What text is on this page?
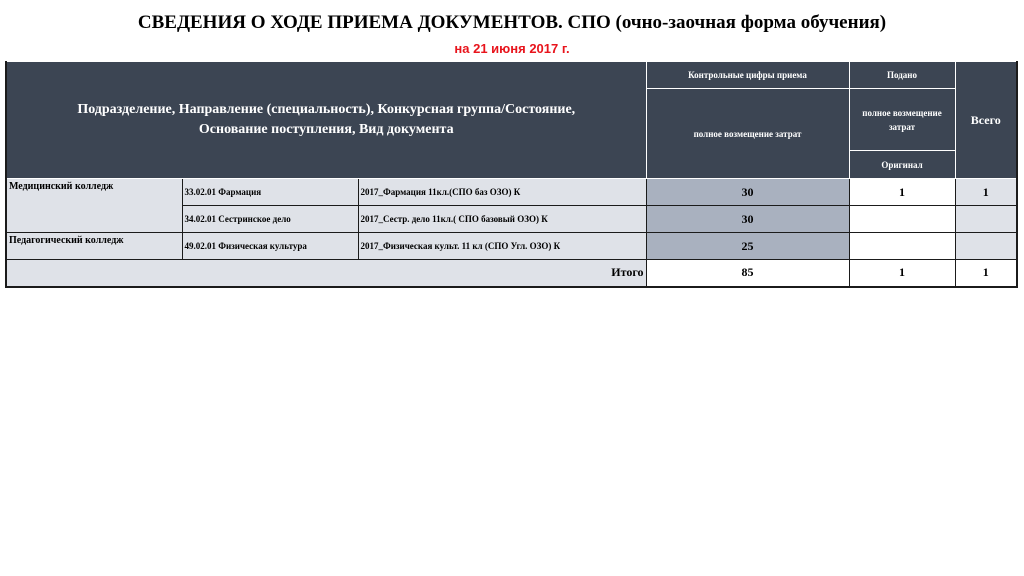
СВЕДЕНИЯ О ХОДЕ ПРИЕМА ДОКУМЕНТОВ. СПО (очно-заочная форма обучения)
на 21 июня 2017 г.
Подразделение, Направление (специальность), Конкурсная группа/Состояние,
Основание поступления, Вид документа			Контрольные цифры приема	Подано	Всего
			полное возмещение затрат	полное возмещение затрат	
				Оригинал	
Медицинский колледж	33.02.01 Фармация	2017_Фармация 11кл.(СПО баз ОЗО) К	30	1	1
	34.02.01 Сестринское дело	2017_Сестр. дело 11кл.( СПО базовый ОЗО) К	30		
Педагогический колледж	49.02.01 Физическая культура	2017_Физическая культ. 11 кл (СПО Угл. ОЗО) К	25		
Итого			85	1	1
